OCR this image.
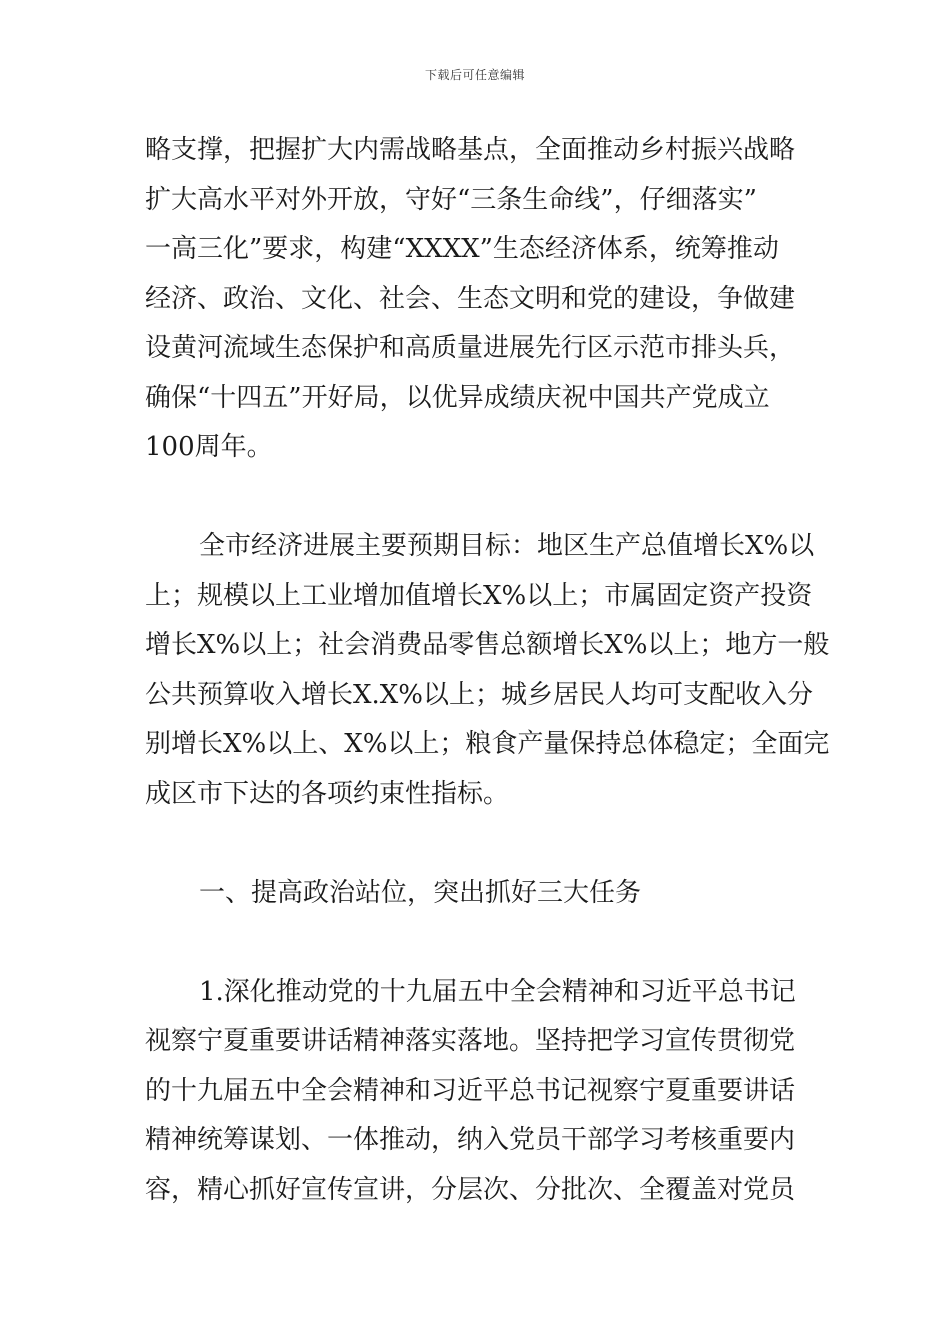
下载后可任意编辑
略支撑，把握扩大内需战略基点，全面推动乡村振兴战略
扩大高水平对外开放，守好“三条生命线”，仔细落实”
一高三化”要求，构建“XXXX”生态经济体系，统筹推动
经济、政治、文化、社会、生态文明和党的建设，争做建
设黄河流域生态保护和高质量进展先行区示范市排头兵，
确保“十四五”开好局，以优异成绩庆祝中国共产党成立
100周年。
全市经济进展主要预期目标：地区生产总值增长X%以
上；规模以上工业增加值增长X%以上；市属固定资产投资
增长X%以上；社会消费品零售总额增长X%以上；地方一般
公共预算收入增长X.X%以上；城乡居民人均可支配收入分
别增长X%以上、X%以上；粮食产量保持总体稳定；全面完
成区市下达的各项约束性指标。
一、提高政治站位，突出抓好三大任务
1.深化推动党的十九届五中全会精神和习近平总书记
视察宁夏重要讲话精神落实落地。坚持把学习宣传贯彻党
的十九届五中全会精神和习近平总书记视察宁夏重要讲话
精神统筹谋划、一体推动，纳入党员干部学习考核重要内
容，精心抓好宣传宣讲，分层次、分批次、全覆盖对党员
